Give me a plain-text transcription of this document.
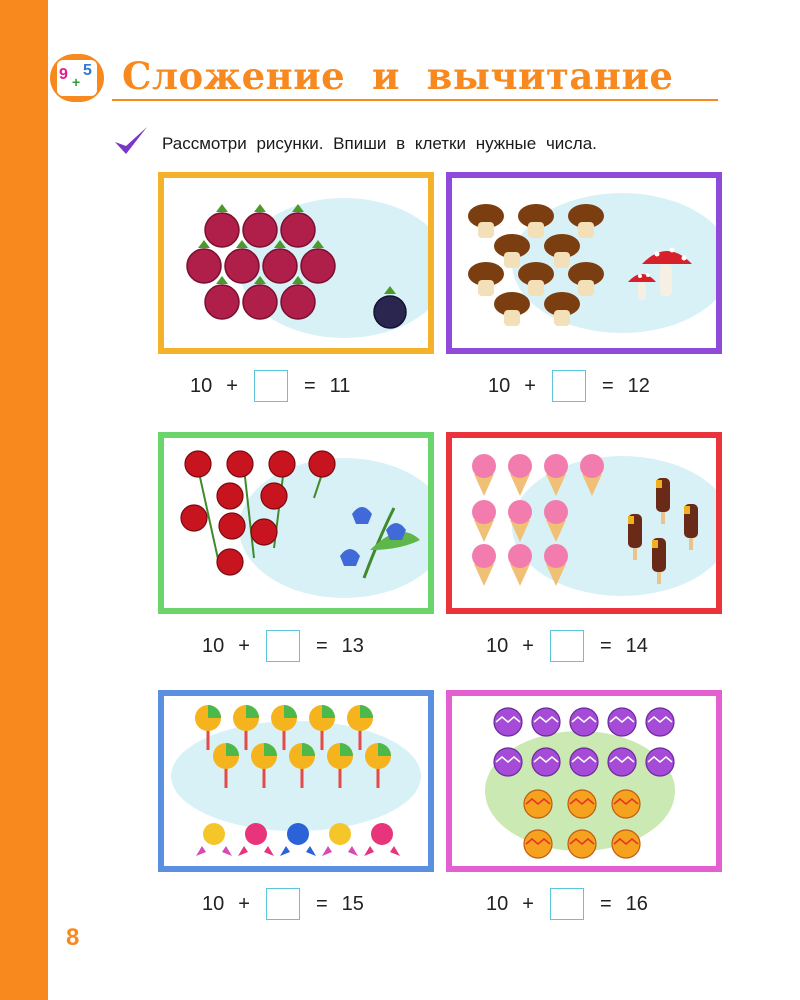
9 +
5 Сложение  и  вычитание
Рассмотри рисунки. Впиши в клетки нужные числа.
10 +	= 11	10 +	= 12
10 +	= 13	10 +	= 14
10 +	= 15	10 +	= 16
8
